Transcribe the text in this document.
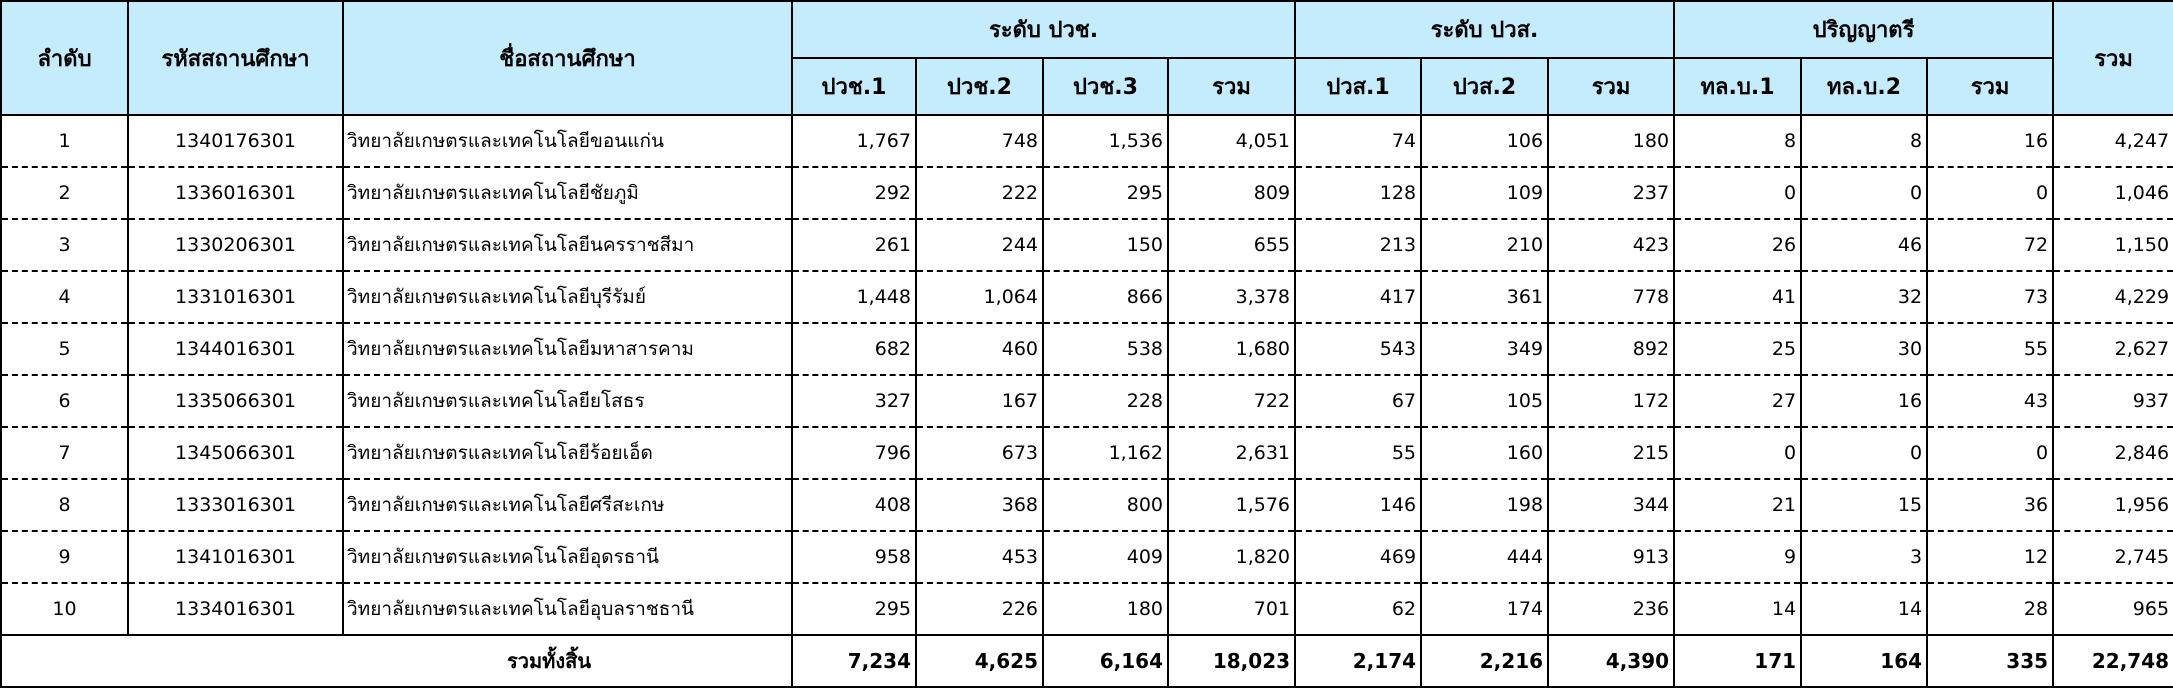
ลำดับ	รหัสสถานศึกษา	ชื่อสถานศึกษา	ระดับ ปวช.				ระดับ ปวส.			ปริญญาตรี			รวม
			ปวช.1	ปวช.2	ปวช.3	รวม	ปวส.1	ปวส.2	รวม	ทล.บ.1	ทล.บ.2	รวม	
1	1340176301	วิทยาลัยเกษตรและเทคโนโลยีขอนแก่น	1,767	748	1,536	4,051	74	106	180	8	8	16	4,247
2	1336016301	วิทยาลัยเกษตรและเทคโนโลยีชัยภูมิ	292	222	295	809	128	109	237	0	0	0	1,046
3	1330206301	วิทยาลัยเกษตรและเทคโนโลยีนครราชสีมา	261	244	150	655	213	210	423	26	46	72	1,150
4	1331016301	วิทยาลัยเกษตรและเทคโนโลยีบุรีรัมย์	1,448	1,064	866	3,378	417	361	778	41	32	73	4,229
5	1344016301	วิทยาลัยเกษตรและเทคโนโลยีมหาสารคาม	682	460	538	1,680	543	349	892	25	30	55	2,627
6	1335066301	วิทยาลัยเกษตรและเทคโนโลยียโสธร	327	167	228	722	67	105	172	27	16	43	937
7	1345066301	วิทยาลัยเกษตรและเทคโนโลยีร้อยเอ็ด	796	673	1,162	2,631	55	160	215	0	0	0	2,846
8	1333016301	วิทยาลัยเกษตรและเทคโนโลยีศรีสะเกษ	408	368	800	1,576	146	198	344	21	15	36	1,956
9	1341016301	วิทยาลัยเกษตรและเทคโนโลยีอุดรธานี	958	453	409	1,820	469	444	913	9	3	12	2,745
10	1334016301	วิทยาลัยเกษตรและเทคโนโลยีอุบลราชธานี	295	226	180	701	62	174	236	14	14	28	965
รวมทั้งสิ้น			7,234	4,625	6,164	18,023	2,174	2,216	4,390	171	164	335	22,748
